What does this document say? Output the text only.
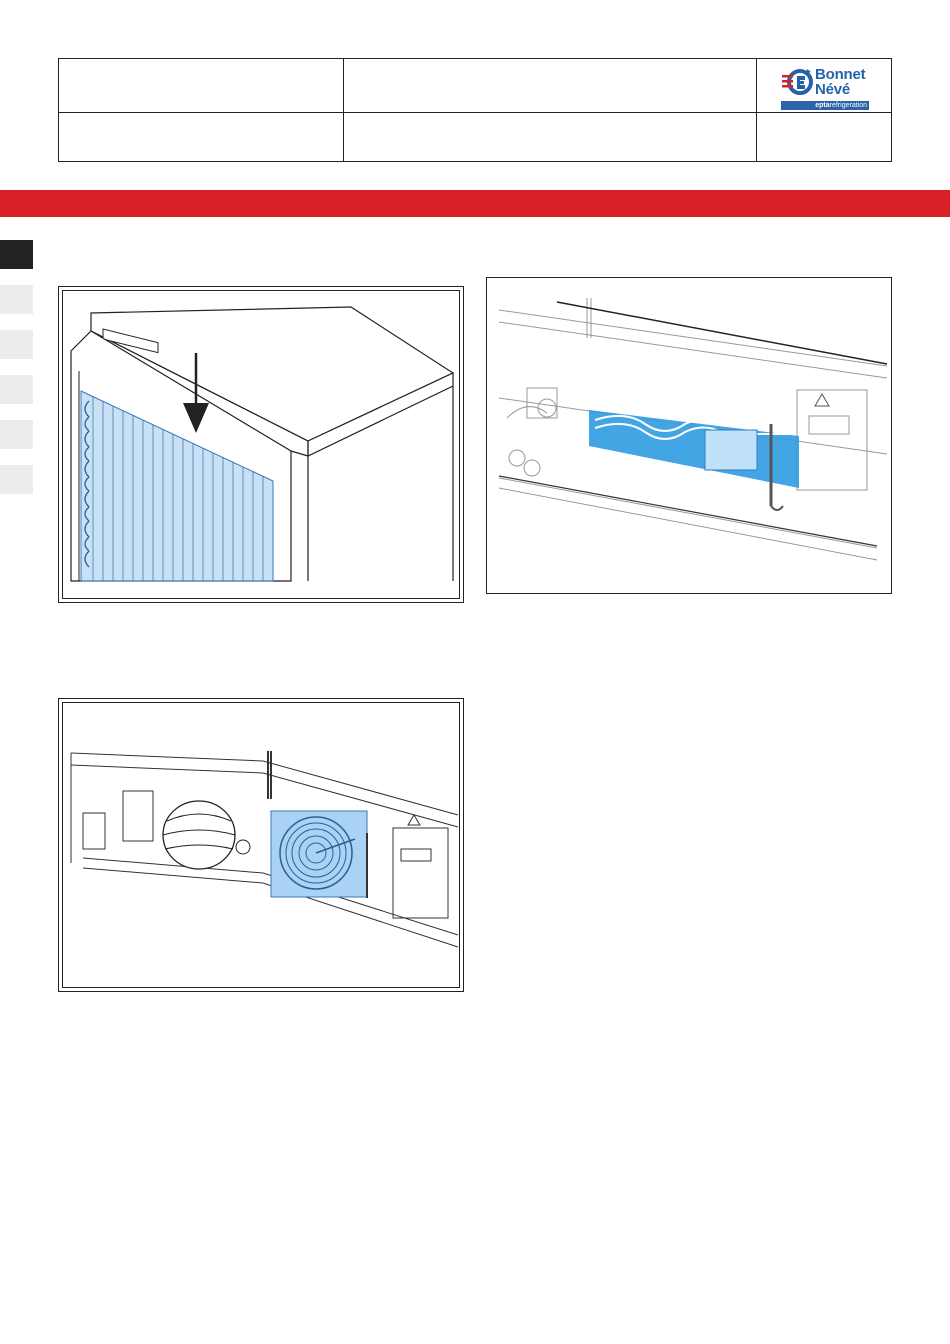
Bonnet
Névé
eptarefrigeration
